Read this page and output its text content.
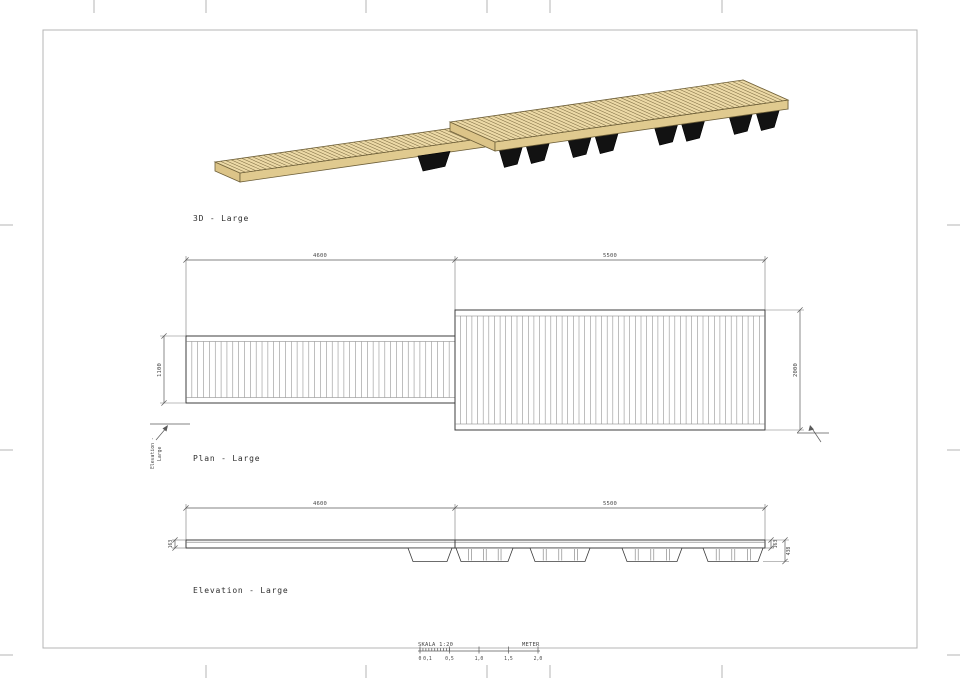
3D - Large
4600	5500
1100	2000
Elevation - Large	Plan - Large
4600	5500
163	163
438
Elevation - Large
SKALA 1:20	METER
0 0,1	0,5	1,0	1,5	2,0
